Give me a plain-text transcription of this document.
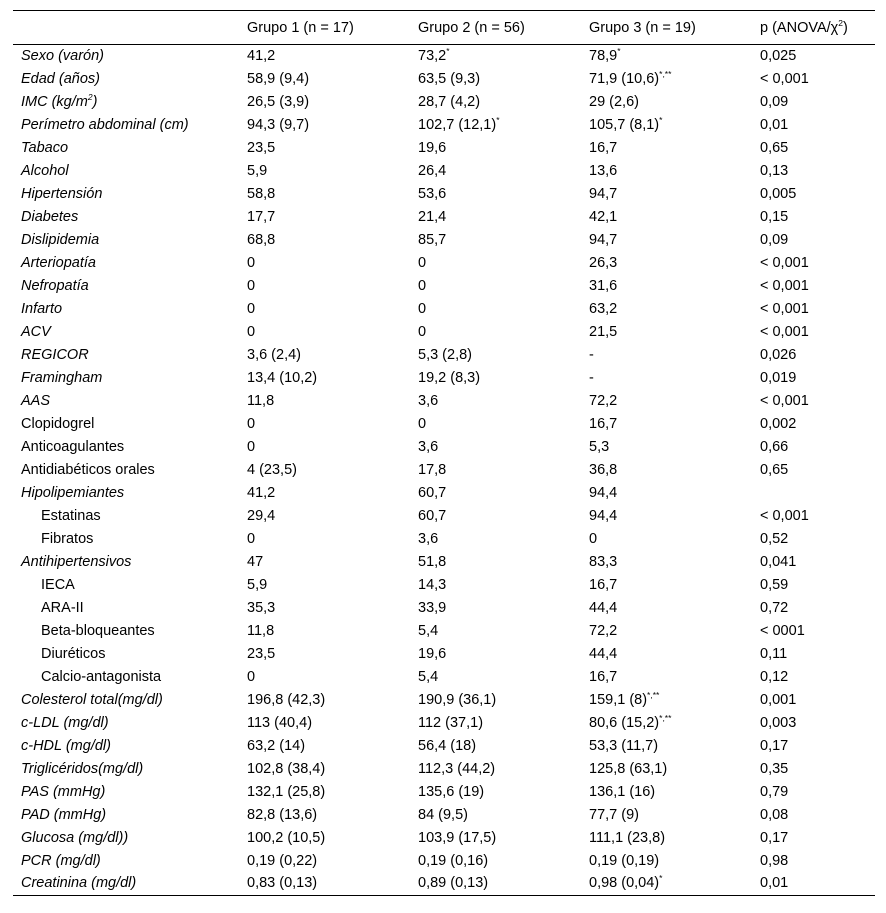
	Grupo 1 (n = 17)	Grupo 2 (n = 56)	Grupo 3 (n = 19)	p $(ANOVA/\chi^2)$
Sexo (varón)	41,2	73,2*	78,9*	0,025
Edad (años)	58,9 (9,4)	63,5 (9,3)	71,9 (10,6)*,**	< 0,001
IMC $(kg/m^2)$	26,5 (3,9)	28,7 (4,2)	29 (2,6)	0,09
Perímetro abdominal (cm)	94,3 (9,7)	102,7 (12,1)*	105,7 (8,1)*	0,01
Tabaco	23,5	19,6	16,7	0,65
Alcohol	5,9	26,4	13,6	0,13
Hipertensión	58,8	53,6	94,7	0,005
Diabetes	17,7	21,4	42,1	0,15
Dislipidemia	68,8	85,7	94,7	0,09
Arteriopatía	0	0	26,3	< 0,001
Nefropatía	0	0	31,6	< 0,001
Infarto	0	0	63,2	< 0,001
ACV	0	0	21,5	< 0,001
REGICOR	3,6 (2,4)	5,3 (2,8)	-	0,026
Framingham	13,4 (10,2)	19,2 (8,3)	-	0,019
AAS	11,8	3,6	72,2	< 0,001
Clopidogrel	0	0	16,7	0,002
Anticoagulantes	0	3,6	5,3	0,66
Antidiabéticos orales	4 (23,5)	17,8	36,8	0,65
Hipolipemiantes	41,2	60,7	94,4	
Estatinas	29,4	60,7	94,4	< 0,001
Fibratos	0	3,6	0	0,52
Antihipertensivos	47	51,8	83,3	0,041
IECA	5,9	14,3	16,7	0,59
ARA-II	35,3	33,9	44,4	0,72
Beta-bloqueantes	11,8	5,4	72,2	< 0001
Diuréticos	23,5	19,6	44,4	0,11
Calcio-antagonista	0	5,4	16,7	0,12
Colesterol total(mg/dl)	196,8 (42,3)	190,9 (36,1)	159,1 (8)*,**	0,001
c-LDL (mg/dl)	113 (40,4)	112 (37,1)	80,6 (15,2)*,**	0,003
c-HDL (mg/dl)	63,2 (14)	56,4 (18)	53,3 (11,7)	0,17
Triglicéridos(mg/dl)	102,8 (38,4)	112,3 (44,2)	125,8 (63,1)	0,35
PAS (mmHg)	132,1 (25,8)	135,6 (19)	136,1 (16)	0,79
PAD (mmHg)	82,8 (13,6)	84 (9,5)	77,7 (9)	0,08
Glucosa (mg/dl))	100,2 (10,5)	103,9 (17,5)	111,1 (23,8)	0,17
PCR (mg/dl)	0,19 (0,22)	0,19 (0,16)	0,19 (0,19)	0,98
Creatinina (mg/dl)	0,83 (0,13)	0,89 (0,13)	0,98 (0,04)*	0,01
